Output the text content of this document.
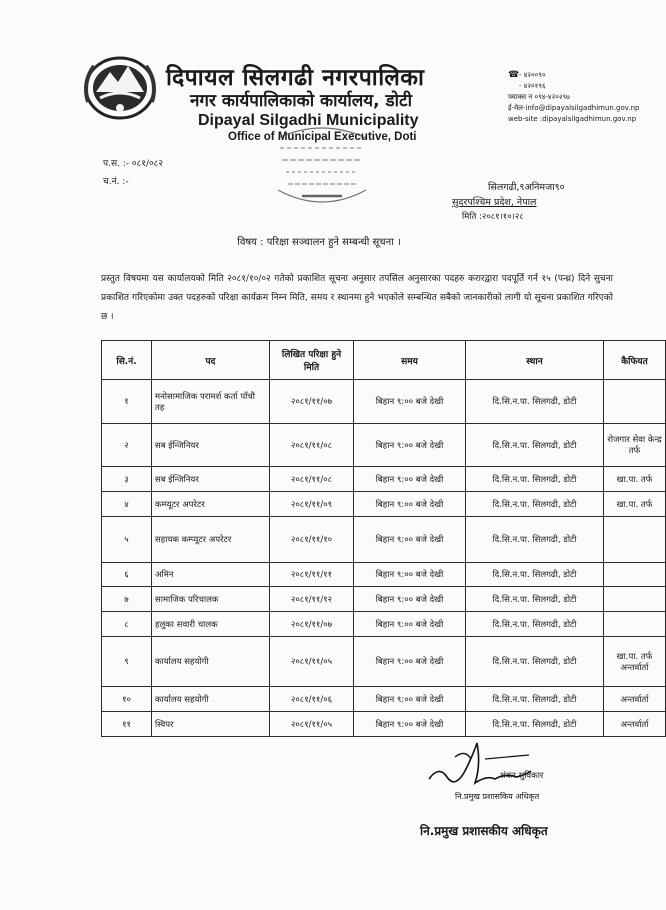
दिपायल सिलगढी नगरपालिका
नगर कार्यपालिकाको कार्यालय, डोटी
Dipayal Silgadhi Municipality
Office of Municipal Executive, Doti
☎- ४२००९०
- ४२०१९६
फ्याक्स न ०९४-४२०२९७
ई-मेल-info@dipayalsilgadhimun.gov.np
web-site :dipayalsilgadhimun.gov.np
प.स. :- ०८१/०८२
च.नं. :-	सिलगढी,९अनिमजा९०
सुदरपश्चिम प्रदेश, नेपाल
मिति :२०८१।१०।२८
विषय : परिक्षा सञ्चालन हुने सम्बन्धी सूचना ।
प्रस्तुत विषयमा यस कार्यालयको मिति २०८१/१०/०२ गतेको प्रकाशित सूचना अनुसार तपसिल अनुसारका पदहरु करारद्वारा पदपूर्ति गर्न १५ (पन्ध्र) दिने सुचना प्रकाशित गरिएकोमा उक्त पदहरुको परिक्षा कार्यक्रम निम्न मिति, समय र स्थानमा हुने भएकोले सम्बन्धित सबैको जानकारीको लागी यो सूचना प्रकाशित गरिएको छ ।
सि.नं.	पद	लिखित परिक्षा हुने मिति	समय	स्थान	कैफियत
१	मनोसामाजिक परामर्श कर्ता पाँचौ तह	२०८१/११/०७	बिहान ९:०० बजे देखी	दि.सि.न.पा. सिलगढी, डोटी	
२	सब ईन्जिनियर	२०८१/११/०८	बिहान ९:०० बजे देखी	दि.सि.न.पा. सिलगढी, डोटी	रोजगार सेवा केन्द्र तर्फ
३	सब ईन्जिनियर	२०८१/११/०८	बिहान ९:०० बजे देखी	दि.सि.न.पा. सिलगढी, डोटी	खा.पा. तर्फ
४	कम्प्यूटर अपरेटर	२०८१/११/०९	बिहान ९:०० बजे देखी	दि.सि.न.पा. सिलगढी, डोटी	खा.पा. तर्फ
५	सहायक कम्प्यूटर अपरेटर	२०८१/११/१०	बिहान ९:०० बजे देखी	दि.सि.न.पा. सिलगढी, डोटी	
६	अमिन	२०८१/११/११	बिहान ९:०० बजे देखी	दि.सि.न.पा. सिलगढी, डोटी	
७	सामाजिक परिचालक	२०८१/११/१२	बिहान ९:०० बजे देखी	दि.सि.न.पा. सिलगढी, डोटी	
८	हलुका सवारी चालक	२०८१/११/०७	बिहान ९:०० बजे देखी	दि.सि.न.पा. सिलगढी, डोटी	
९	कार्यालय सहयोगी	२०८१/११/०५	बिहान ९:०० बजे देखी	दि.सि.न.पा. सिलगढी, डोटी	खा.पा. तर्फ अन्तर्वार्ता
१०	कार्यालय सहयोगी	२०८१/११/०६	बिहान ९:०० बजे देखी	दि.सि.न.पा. सिलगढी, डोटी	अन्तर्वार्ता
११	स्विपर	२०८१/११/०५	बिहान ९:०० बजे देखी	दि.सि.न.पा. सिलगढी, डोटी	अन्तर्वार्ता
शंकर सुविकार
नि.प्रमुख प्रशासकिय अधिकृत
नि.प्रमुख प्रशासकीय अधिकृत
